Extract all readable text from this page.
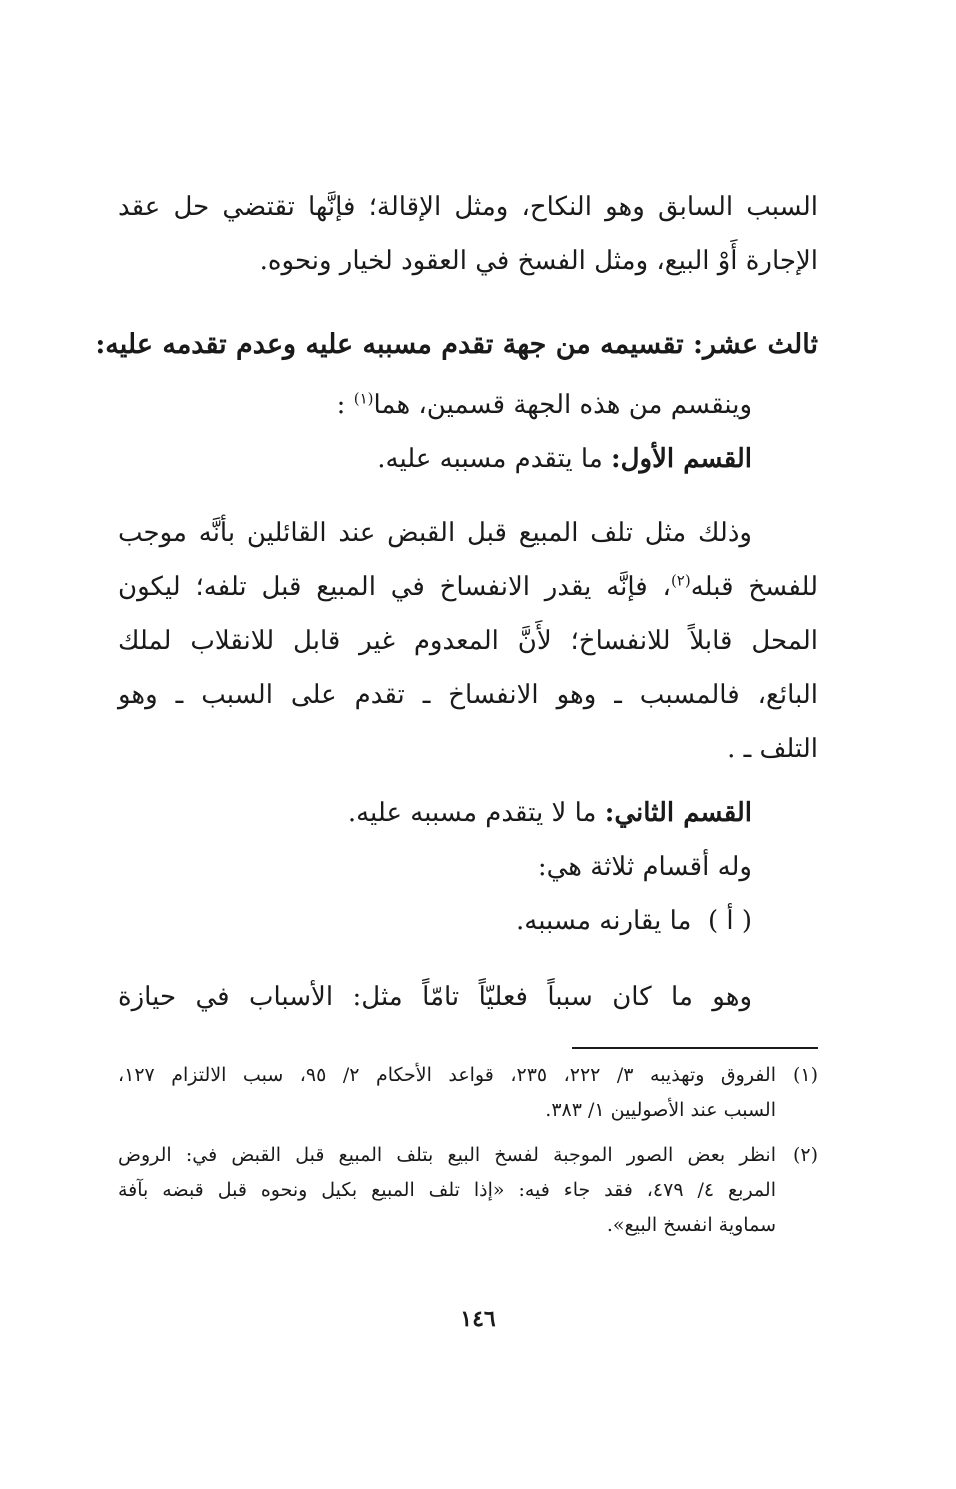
السبب السابق وهو النكاح، ومثل الإقالة؛ فإنَّها تقتضي حل عقد
الإجارة أَوْ البيع، ومثل الفسخ في العقود لخيار ونحوه.
ثالث عشر: تقسيمه من جهة تقدم مسببه عليه وعدم تقدمه عليه:
وينقسم من هذه الجهة قسمين، هما$^{(١)}$ :
القسم الأول: ما يتقدم مسببه عليه.
وذلك مثل تلف المبيع قبل القبض عند القائلين بأنَّه موجب
للفسخ قبله$^{(٢)}$، فإنَّه يقدر الانفساخ في المبيع قبل تلفه؛ ليكون
المحل قابلاً للانفساخ؛ لأَنَّ المعدوم غير قابل للانقلاب لملك
البائع، فالمسبب ـ وهو الانفساخ ـ تقدم على السبب ـ وهو
التلف ـ .
القسم الثاني: ما لا يتقدم مسببه عليه.
وله أقسام ثلاثة هي:
( أ )  ما يقارنه مسببه.
وهو ما كان سبباً فعليّاً تامّاً مثل: الأسباب في حيازة
(١)
الفروق وتهذيبه ٣/ ٢٢٢، ٢٣٥، قواعد الأحكام ٢/ ٩٥، سبب الالتزام ١٢٧،
السبب عند الأصوليين ١/ ٣٨٣.
(٢)
انظر بعض الصور الموجبة لفسخ البيع بتلف المبيع قبل القبض في: الروض
المربع ٤/ ٤٧٩، فقد جاء فيه: «إذا تلف المبيع بكيل ونحوه قبل قبضه بآفة
سماوية انفسخ البيع».
١٤٦
